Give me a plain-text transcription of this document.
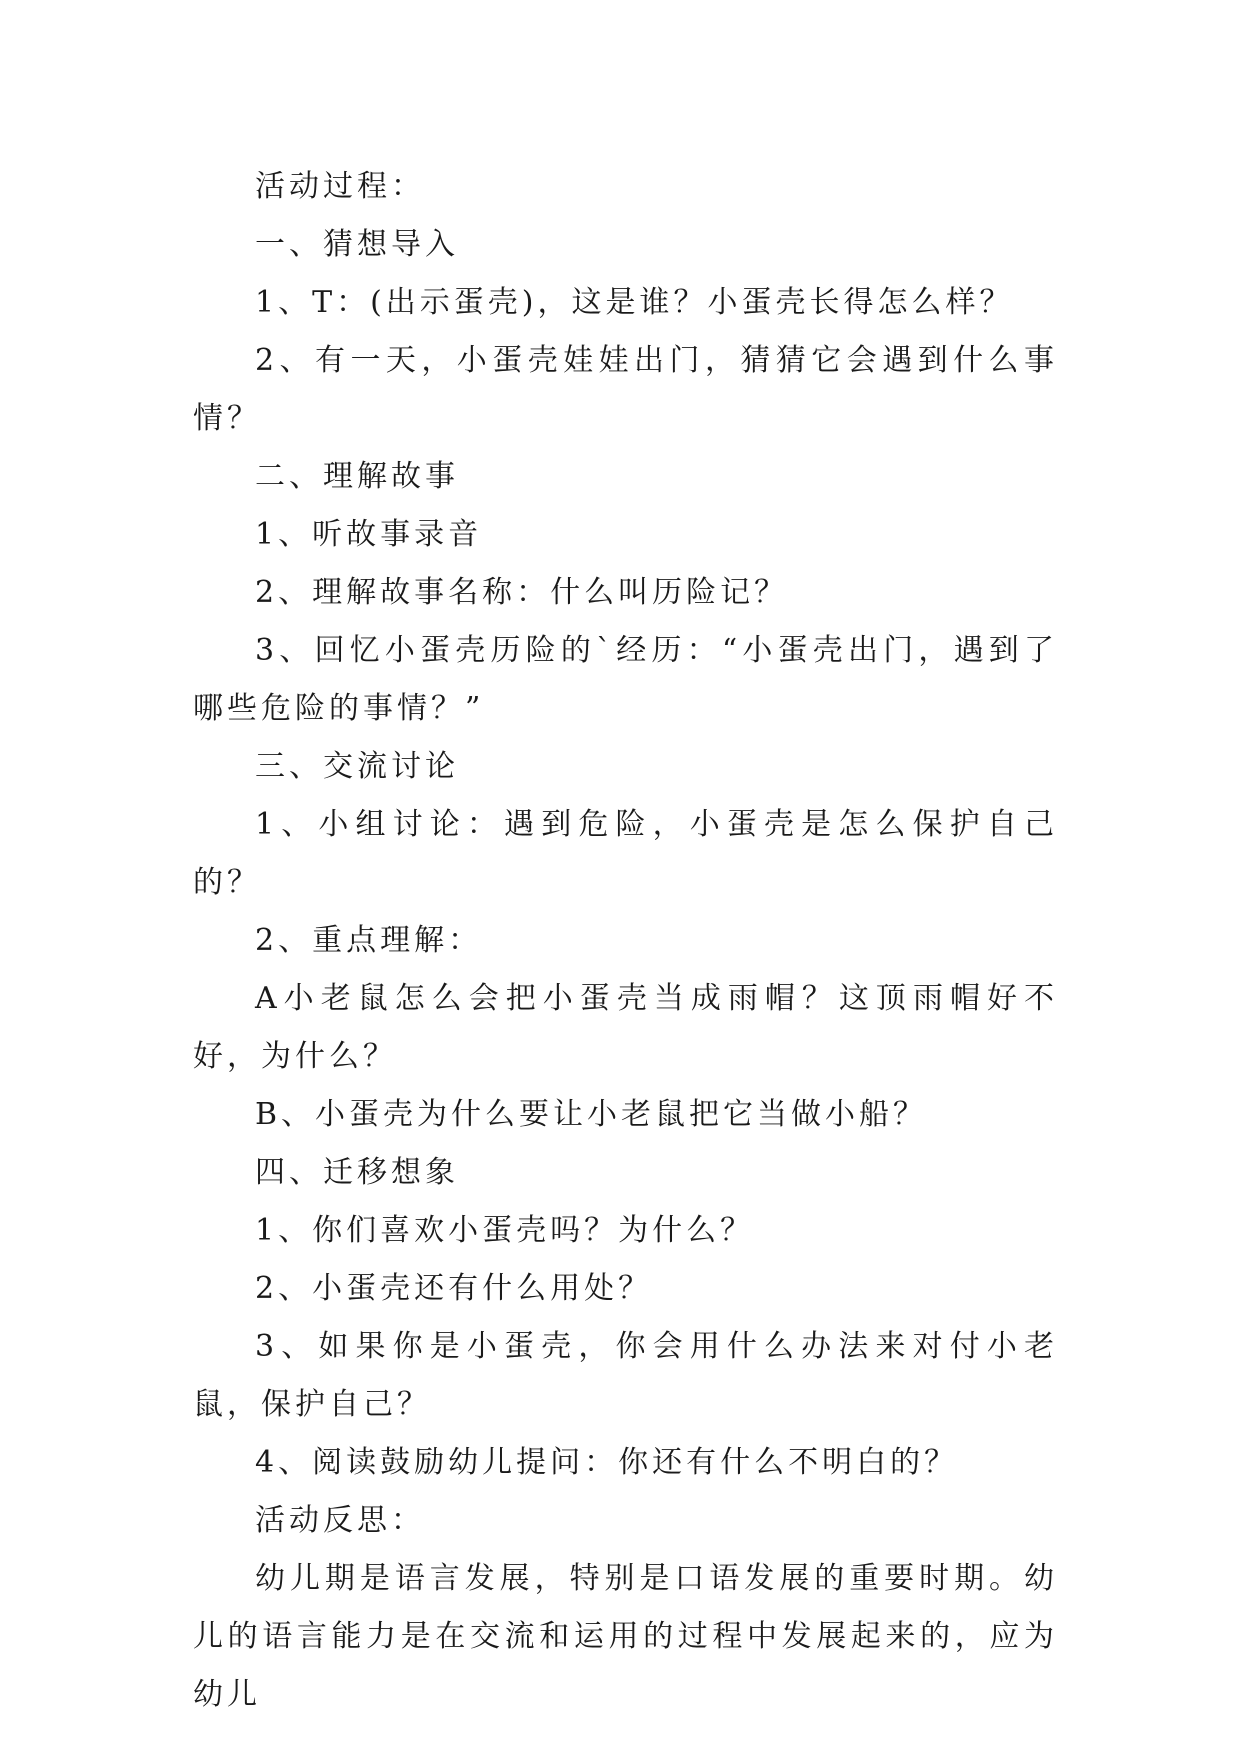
活动过程：

一、猜想导入

1、T：(出示蛋壳)，这是谁？小蛋壳长得怎么样？

2、有一天，小蛋壳娃娃出门，猜猜它会遇到什么事情？

二、理解故事

1、听故事录音

2、理解故事名称：什么叫历险记？

3、回忆小蛋壳历险的`经历：“小蛋壳出门，遇到了哪些危险的事情？”

三、交流讨论

1、小组讨论：遇到危险，小蛋壳是怎么保护自己的？

2、重点理解：

A小老鼠怎么会把小蛋壳当成雨帽？这顶雨帽好不好，为什么？

B、小蛋壳为什么要让小老鼠把它当做小船？

四、迁移想象

1、你们喜欢小蛋壳吗？为什么？

2、小蛋壳还有什么用处？

3、如果你是小蛋壳，你会用什么办法来对付小老鼠，保护自己？

4、阅读鼓励幼儿提问：你还有什么不明白的？

活动反思：

幼儿期是语言发展，特别是口语发展的重要时期。幼儿的语言能力是在交流和运用的过程中发展起来的，应为幼儿
